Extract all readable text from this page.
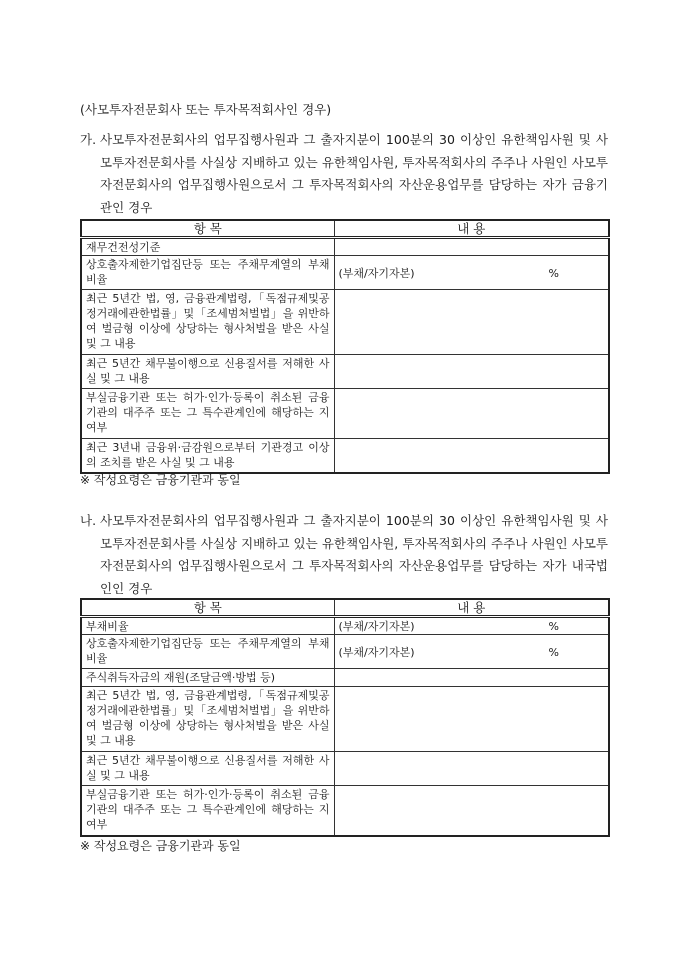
(사모투자전문회사 또는 투자목적회사인 경우)
가. 사모투자전문회사의 업무집행사원과 그 출자지분이 100분의 30 이상인 유한책임사원 및 사모투자전문회사를 사실상 지배하고 있는 유한책임사원, 투자목적회사의 주주나 사원인 사모투자전문회사의 업무집행사원으로서 그 투자목적회사의 자산운용업무를 담당하는 자가 금융기관인 경우
항 목	내 용
재무건전성기준	
상호출자제한기업집단등 또는 주채무계열의 부채비율	(부채/자기자본) %

최근 5년간 법, 영, 금융관계법령,「독점규제및공정거래에관한법률」및「조세범처벌법」을 위반하여 벌금형 이상에 상당하는 형사처벌을 받은 사실 및 그 내용	
최근 5년간 채무불이행으로 신용질서를 저해한 사실 및 그 내용	
부실금융기관 또는 허가·인가·등록이 취소된 금융기관의 대주주 또는 그 특수관계인에 해당하는 지 여부	
최근 3년내 금융위·금감원으로부터 기관경고 이상의 조치를 받은 사실 및 그 내용	
※ 작성요령은 금융기관과 동일
나. 사모투자전문회사의 업무집행사원과 그 출자지분이 100분의 30 이상인 유한책임사원 및 사모투자전문회사를 사실상 지배하고 있는 유한책임사원, 투자목적회사의 주주나 사원인 사모투자전문회사의 업무집행사원으로서 그 투자목적회사의 자산운용업무를 담당하는 자가 내국법인인 경우
항 목	내 용
부채비율	(부채/자기자본) %

상호출자제한기업집단등 또는 주채무계열의 부채비율	(부채/자기자본) %

주식취득자금의 재원(조달금액·방법 등)	
최근 5년간 법, 영, 금융관계법령,「독점규제및공정거래에관한법률」및「조세범처벌법」을 위반하여 벌금형 이상에 상당하는 형사처벌을 받은 사실 및 그 내용	
최근 5년간 채무불이행으로 신용질서를 저해한 사실 및 그 내용	
부실금융기관 또는 허가·인가·등록이 취소된 금융기관의 대주주 또는 그 특수관계인에 해당하는 지 여부	
※ 작성요령은 금융기관과 동일
